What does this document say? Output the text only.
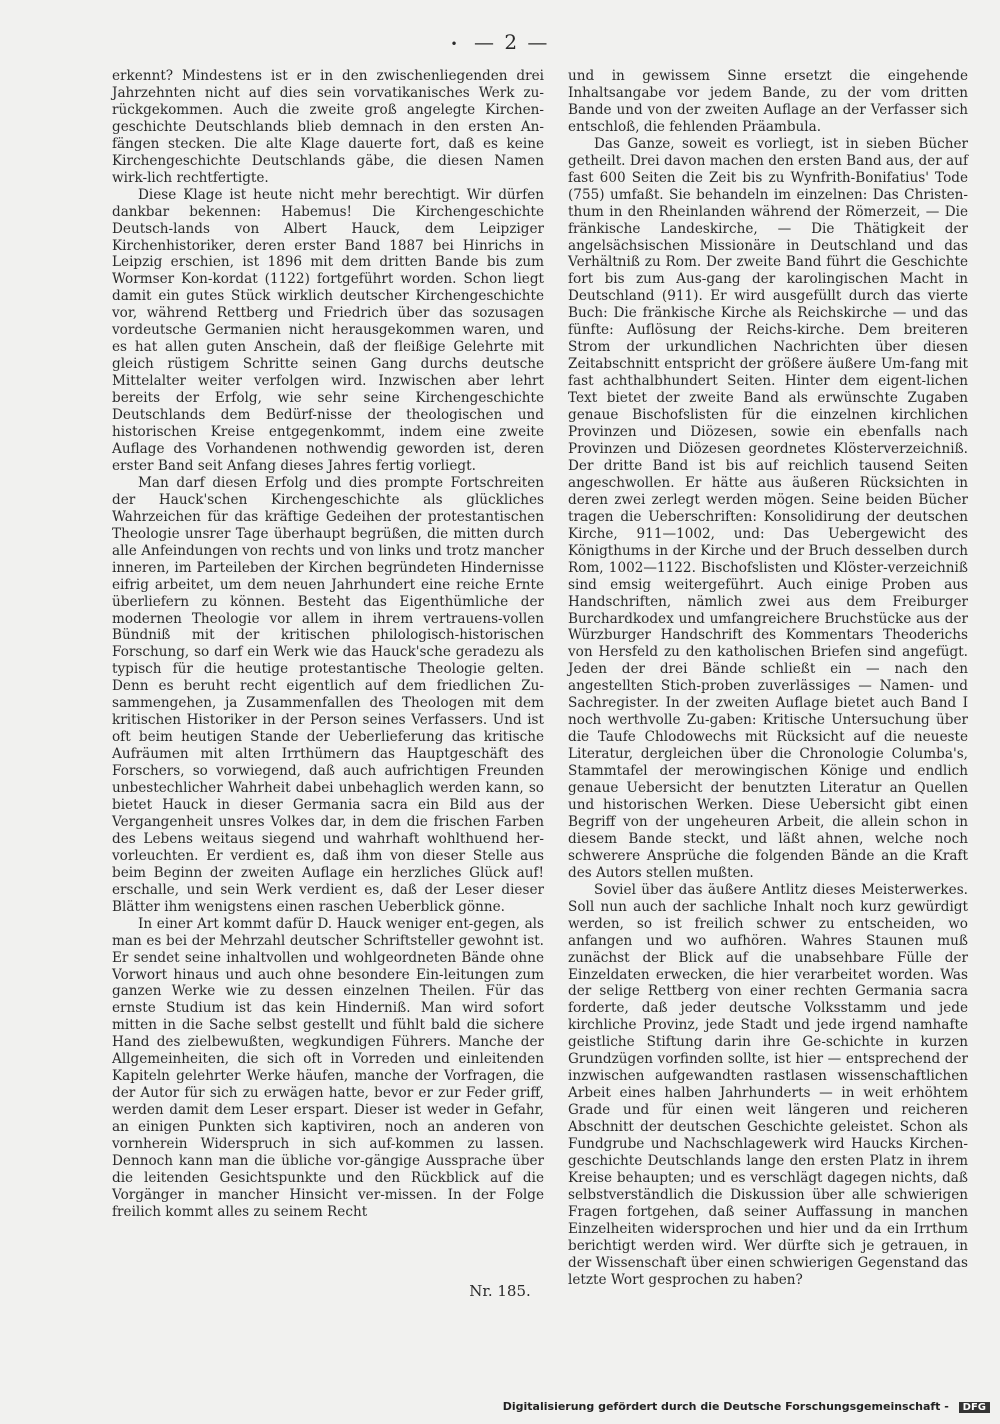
• — 2 —

erkennt? Mindestens ist er in den zwischenliegenden drei Jahrzehnten nicht auf dies sein vorvatikanisches Werk zu-rückgekommen. Auch die zweite groß angelegte Kirchen-geschichte Deutschlands blieb demnach in den ersten An-fängen stecken. Die alte Klage dauerte fort, daß es keine Kirchengeschichte Deutschlands gäbe, die diesen Namen wirk-lich rechtfertigte.

Diese Klage ist heute nicht mehr berechtigt. Wir dürfen dankbar bekennen: Habemus! Die Kirchengeschichte Deutsch-lands von Albert Hauck, dem Leipziger Kirchenhistoriker, deren erster Band 1887 bei Hinrichs in Leipzig erschien, ist 1896 mit dem dritten Bande bis zum Wormser Kon-kordat (1122) fortgeführt worden. Schon liegt damit ein gutes Stück wirklich deutscher Kirchengeschichte vor, während Rettberg und Friedrich über das sozusagen vordeutsche Germanien nicht herausgekommen waren, und es hat allen guten Anschein, daß der fleißige Gelehrte mit gleich rüstigem Schritte seinen Gang durchs deutsche Mittelalter weiter verfolgen wird. Inzwischen aber lehrt bereits der Erfolg, wie sehr seine Kirchengeschichte Deutschlands dem Bedürf-nisse der theologischen und historischen Kreise entgegenkommt, indem eine zweite Auflage des Vorhandenen nothwendig geworden ist, deren erster Band seit Anfang dieses Jahres fertig vorliegt.

Man darf diesen Erfolg und dies prompte Fortschreiten der Hauck'schen Kirchengeschichte als glückliches Wahrzeichen für das kräftige Gedeihen der protestantischen Theologie unsrer Tage überhaupt begrüßen, die mitten durch alle Anfeindungen von rechts und von links und trotz mancher inneren, im Parteileben der Kirchen begründeten Hindernisse eifrig arbeitet, um dem neuen Jahrhundert eine reiche Ernte überliefern zu können. Besteht das Eigenthümliche der modernen Theologie vor allem in ihrem vertrauens-vollen Bündniß mit der kritischen philologisch-historischen Forschung, so darf ein Werk wie das Hauck'sche geradezu als typisch für die heutige protestantische Theologie gelten. Denn es beruht recht eigentlich auf dem friedlichen Zu-sammengehen, ja Zusammenfallen des Theologen mit dem kritischen Historiker in der Person seines Verfassers. Und ist oft beim heutigen Stande der Ueberlieferung das kritische Aufräumen mit alten Irrthümern das Hauptgeschäft des Forschers, so vorwiegend, daß auch aufrichtigen Freunden unbestechlicher Wahrheit dabei unbehaglich werden kann, so bietet Hauck in dieser Germania sacra ein Bild aus der Vergangenheit unsres Volkes dar, in dem die frischen Farben des Lebens weitaus siegend und wahrhaft wohlthuend her-vorleuchten. Er verdient es, daß ihm von dieser Stelle aus beim Beginn der zweiten Auflage ein herzliches Glück auf! erschalle, und sein Werk verdient es, daß der Leser dieser Blätter ihm wenigstens einen raschen Ueberblick gönne.

In einer Art kommt dafür D. Hauck weniger ent-gegen, als man es bei der Mehrzahl deutscher Schriftsteller gewohnt ist. Er sendet seine inhaltvollen und wohlgeordneten Bände ohne Vorwort hinaus und auch ohne besondere Ein-leitungen zum ganzen Werke wie zu dessen einzelnen Theilen. Für das ernste Studium ist das kein Hinderniß. Man wird sofort mitten in die Sache selbst gestellt und fühlt bald die sichere Hand des zielbewußten, wegkundigen Führers. Manche der Allgemeinheiten, die sich oft in Vorreden und einleitenden Kapiteln gelehrter Werke häufen, manche der Vorfragen, die der Autor für sich zu erwägen hatte, bevor er zur Feder griff, werden damit dem Leser erspart. Dieser ist weder in Gefahr, an einigen Punkten sich kaptiviren, noch an anderen von vornherein Widerspruch in sich auf-kommen zu lassen. Dennoch kann man die übliche vor-gängige Aussprache über die leitenden Gesichtspunkte und den Rückblick auf die Vorgänger in mancher Hinsicht ver-missen. In der Folge freilich kommt alles zu seinem Recht

und in gewissem Sinne ersetzt die eingehende Inhaltsangabe vor jedem Bande, zu der vom dritten Bande und von der zweiten Auflage an der Verfasser sich entschloß, die fehlenden Präambula.

Das Ganze, soweit es vorliegt, ist in sieben Bücher getheilt. Drei davon machen den ersten Band aus, der auf fast 600 Seiten die Zeit bis zu Wynfrith-Bonifatius' Tode (755) umfaßt. Sie behandeln im einzelnen: Das Christen-thum in den Rheinlanden während der Römerzeit, — Die fränkische Landeskirche, — Die Thätigkeit der angelsächsischen Missionäre in Deutschland und das Verhältniß zu Rom. Der zweite Band führt die Geschichte fort bis zum Aus-gang der karolingischen Macht in Deutschland (911). Er wird ausgefüllt durch das vierte Buch: Die fränkische Kirche als Reichskirche — und das fünfte: Auflösung der Reichs-kirche. Dem breiteren Strom der urkundlichen Nachrichten über diesen Zeitabschnitt entspricht der größere äußere Um-fang mit fast achthalbhundert Seiten. Hinter dem eigent-lichen Text bietet der zweite Band als erwünschte Zugaben genaue Bischofslisten für die einzelnen kirchlichen Provinzen und Diözesen, sowie ein ebenfalls nach Provinzen und Diözesen geordnetes Klösterverzeichniß. Der dritte Band ist bis auf reichlich tausend Seiten angeschwollen. Er hätte aus äußeren Rücksichten in deren zwei zerlegt werden mögen. Seine beiden Bücher tragen die Ueberschriften: Konsolidirung der deutschen Kirche, 911—1002, und: Das Uebergewicht des Königthums in der Kirche und der Bruch desselben durch Rom, 1002—1122. Bischofslisten und Klöster-verzeichniß sind emsig weitergeführt. Auch einige Proben aus Handschriften, nämlich zwei aus dem Freiburger Burchardkodex und umfangreichere Bruchstücke aus der Würzburger Handschrift des Kommentars Theoderichs von Hersfeld zu den katholischen Briefen sind angefügt. Jeden der drei Bände schließt ein — nach den angestellten Stich-proben zuverlässiges — Namen- und Sachregister. In der zweiten Auflage bietet auch Band I noch werthvolle Zu-gaben: Kritische Untersuchung über die Taufe Chlodowechs mit Rücksicht auf die neueste Literatur, dergleichen über die Chronologie Columba's, Stammtafel der merowingischen Könige und endlich genaue Uebersicht der benutzten Literatur an Quellen und historischen Werken. Diese Uebersicht gibt einen Begriff von der ungeheuren Arbeit, die allein schon in diesem Bande steckt, und läßt ahnen, welche noch schwerere Ansprüche die folgenden Bände an die Kraft des Autors stellen mußten.

Soviel über das äußere Antlitz dieses Meisterwerkes. Soll nun auch der sachliche Inhalt noch kurz gewürdigt werden, so ist freilich schwer zu entscheiden, wo anfangen und wo aufhören. Wahres Staunen muß zunächst der Blick auf die unabsehbare Fülle der Einzeldaten erwecken, die hier verarbeitet worden. Was der selige Rettberg von einer rechten Germania sacra forderte, daß jeder deutsche Volksstamm und jede kirchliche Provinz, jede Stadt und jede irgend namhafte geistliche Stiftung darin ihre Ge-schichte in kurzen Grundzügen vorfinden sollte, ist hier — entsprechend der inzwischen aufgewandten rastlasen wissenschaftlichen Arbeit eines halben Jahrhunderts — in weit erhöhtem Grade und für einen weit längeren und reicheren Abschnitt der deutschen Geschichte geleistet. Schon als Fundgrube und Nachschlagewerk wird Haucks Kirchen-geschichte Deutschlands lange den ersten Platz in ihrem Kreise behaupten; und es verschlägt dagegen nichts, daß selbstverständlich die Diskussion über alle schwierigen Fragen fortgehen, daß seiner Auffassung in manchen Einzelheiten widersprochen und hier und da ein Irrthum berichtigt werden wird. Wer dürfte sich je getrauen, in der Wissenschaft über einen schwierigen Gegenstand das letzte Wort gesprochen zu haben?

Nr. 185.
Digitalisierung gefördert durch die Deutsche Forschungsgemeinschaft - DFG
